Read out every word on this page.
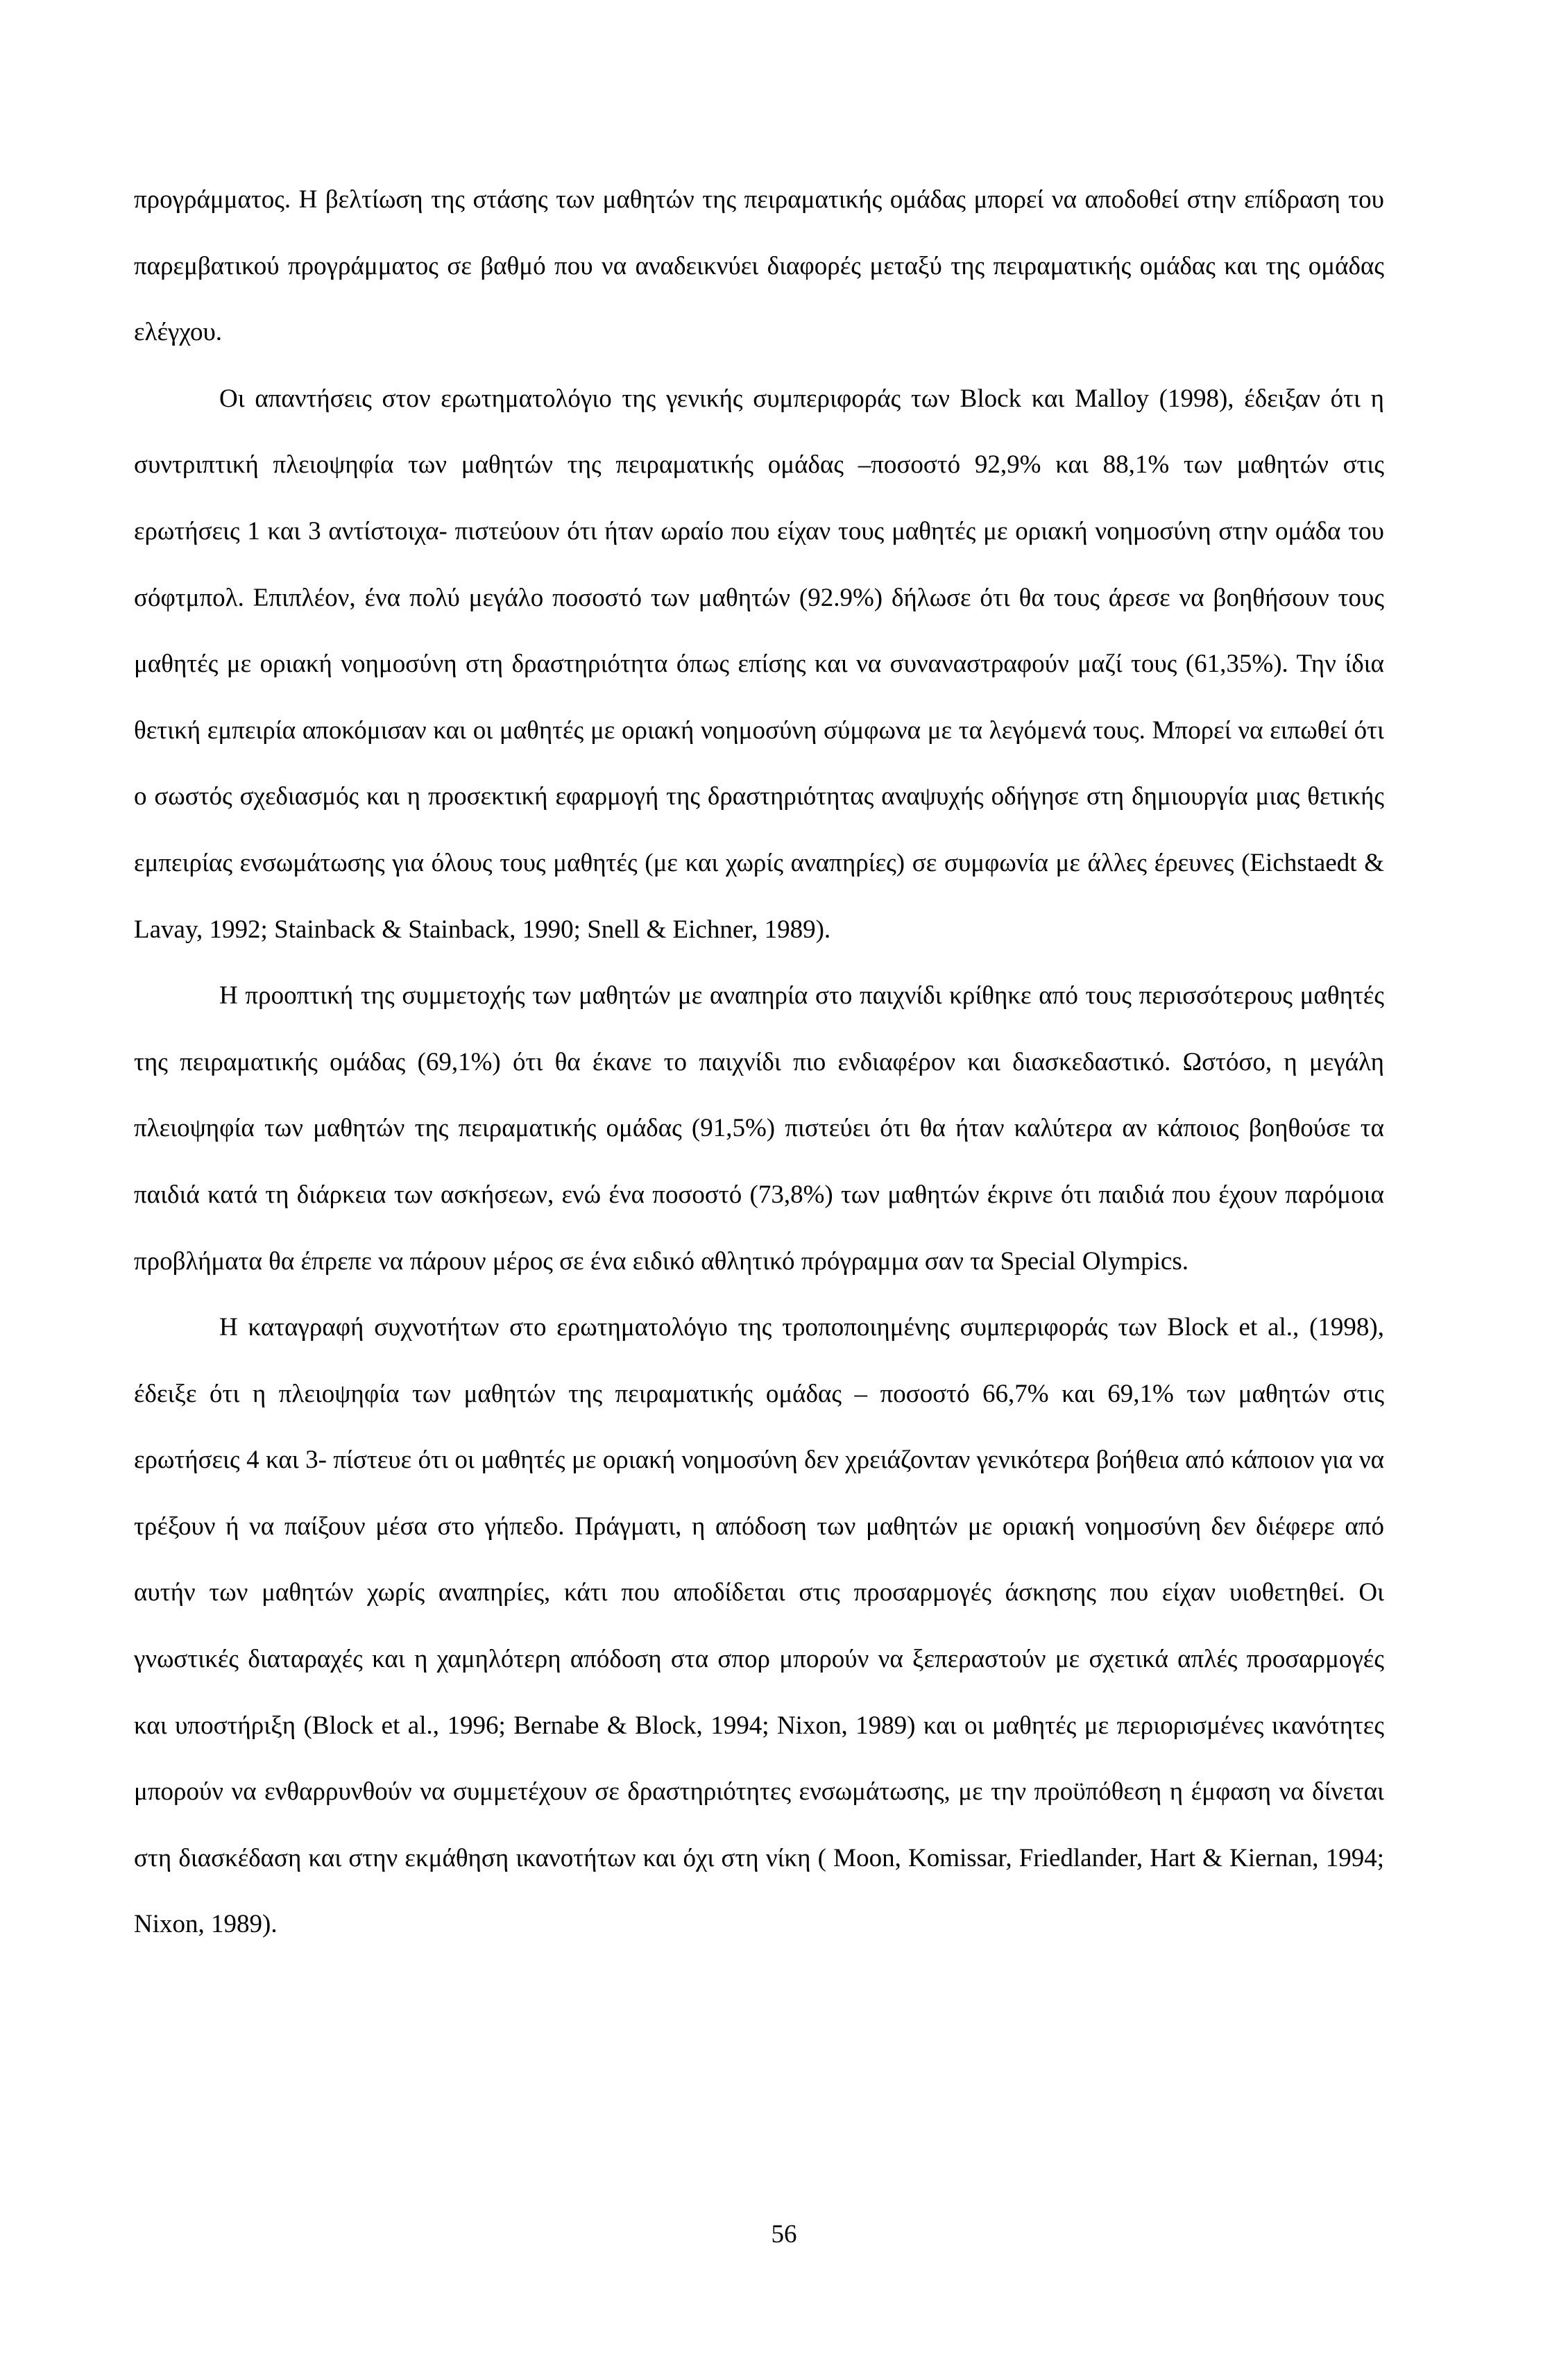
προγράμματος. Η βελτίωση της στάσης των μαθητών της πειραματικής ομάδας μπορεί να αποδοθεί στην επίδραση του παρεμβατικού προγράμματος σε βαθμό που να αναδεικνύει διαφορές μεταξύ της πειραματικής ομάδας και της ομάδας ελέγχου.

Οι απαντήσεις στον ερωτηματολόγιο της γενικής συμπεριφοράς των Block και Malloy (1998), έδειξαν ότι η συντριπτική πλειοψηφία των μαθητών της πειραματικής ομάδας –ποσοστό 92,9% και 88,1% των μαθητών στις ερωτήσεις 1 και 3 αντίστοιχα- πιστεύουν ότι ήταν ωραίο που είχαν τους μαθητές με οριακή νοημοσύνη στην ομάδα του σόφτμπολ. Επιπλέον, ένα πολύ μεγάλο ποσοστό των μαθητών (92.9%) δήλωσε ότι θα τους άρεσε να βοηθήσουν τους μαθητές με οριακή νοημοσύνη στη δραστηριότητα όπως επίσης και να συναναστραφούν μαζί τους (61,35%). Την ίδια θετική εμπειρία αποκόμισαν και οι μαθητές με οριακή νοημοσύνη σύμφωνα με τα λεγόμενά τους. Μπορεί να ειπωθεί ότι ο σωστός σχεδιασμός και η προσεκτική εφαρμογή της δραστηριότητας αναψυχής οδήγησε στη δημιουργία μιας θετικής εμπειρίας ενσωμάτωσης για όλους τους μαθητές (με και χωρίς αναπηρίες) σε συμφωνία με άλλες έρευνες (Eichstaedt & Lavay, 1992; Stainback & Stainback, 1990; Snell & Eichner, 1989).

Η προοπτική της συμμετοχής των μαθητών με αναπηρία στο παιχνίδι κρίθηκε από τους περισσότερους μαθητές της πειραματικής ομάδας (69,1%) ότι θα έκανε το παιχνίδι πιο ενδιαφέρον και διασκεδαστικό. Ωστόσο, η μεγάλη πλειοψηφία των μαθητών της πειραματικής ομάδας (91,5%) πιστεύει ότι θα ήταν καλύτερα αν κάποιος βοηθούσε τα παιδιά κατά τη διάρκεια των ασκήσεων, ενώ ένα ποσοστό (73,8%) των μαθητών έκρινε ότι παιδιά που έχουν παρόμοια προβλήματα θα έπρεπε να πάρουν μέρος σε ένα ειδικό αθλητικό πρόγραμμα σαν τα Special Olympics.

Η καταγραφή συχνοτήτων στο ερωτηματολόγιο της τροποποιημένης συμπεριφοράς των Block et al., (1998), έδειξε ότι η πλειοψηφία των μαθητών της πειραματικής ομάδας – ποσοστό 66,7% και 69,1% των μαθητών στις ερωτήσεις 4 και 3- πίστευε ότι οι μαθητές με οριακή νοημοσύνη δεν χρειάζονταν γενικότερα βοήθεια από κάποιον για να τρέξουν ή να παίξουν μέσα στο γήπεδο. Πράγματι, η απόδοση των μαθητών με οριακή νοημοσύνη δεν διέφερε από αυτήν των μαθητών χωρίς αναπηρίες, κάτι που αποδίδεται στις προσαρμογές άσκησης που είχαν υιοθετηθεί. Οι γνωστικές διαταραχές και η χαμηλότερη απόδοση στα σπορ μπορούν να ξεπεραστούν με σχετικά απλές προσαρμογές και υποστήριξη (Block et al., 1996; Bernabe & Block, 1994; Nixon, 1989) και οι μαθητές με περιορισμένες ικανότητες μπορούν να ενθαρρυνθούν να συμμετέχουν σε δραστηριότητες ενσωμάτωσης, με την προϋπόθεση η έμφαση να δίνεται στη διασκέδαση και στην εκμάθηση ικανοτήτων και όχι στη νίκη ( Moon, Komissar, Friedlander, Hart & Kiernan, 1994; Nixon, 1989).

56
